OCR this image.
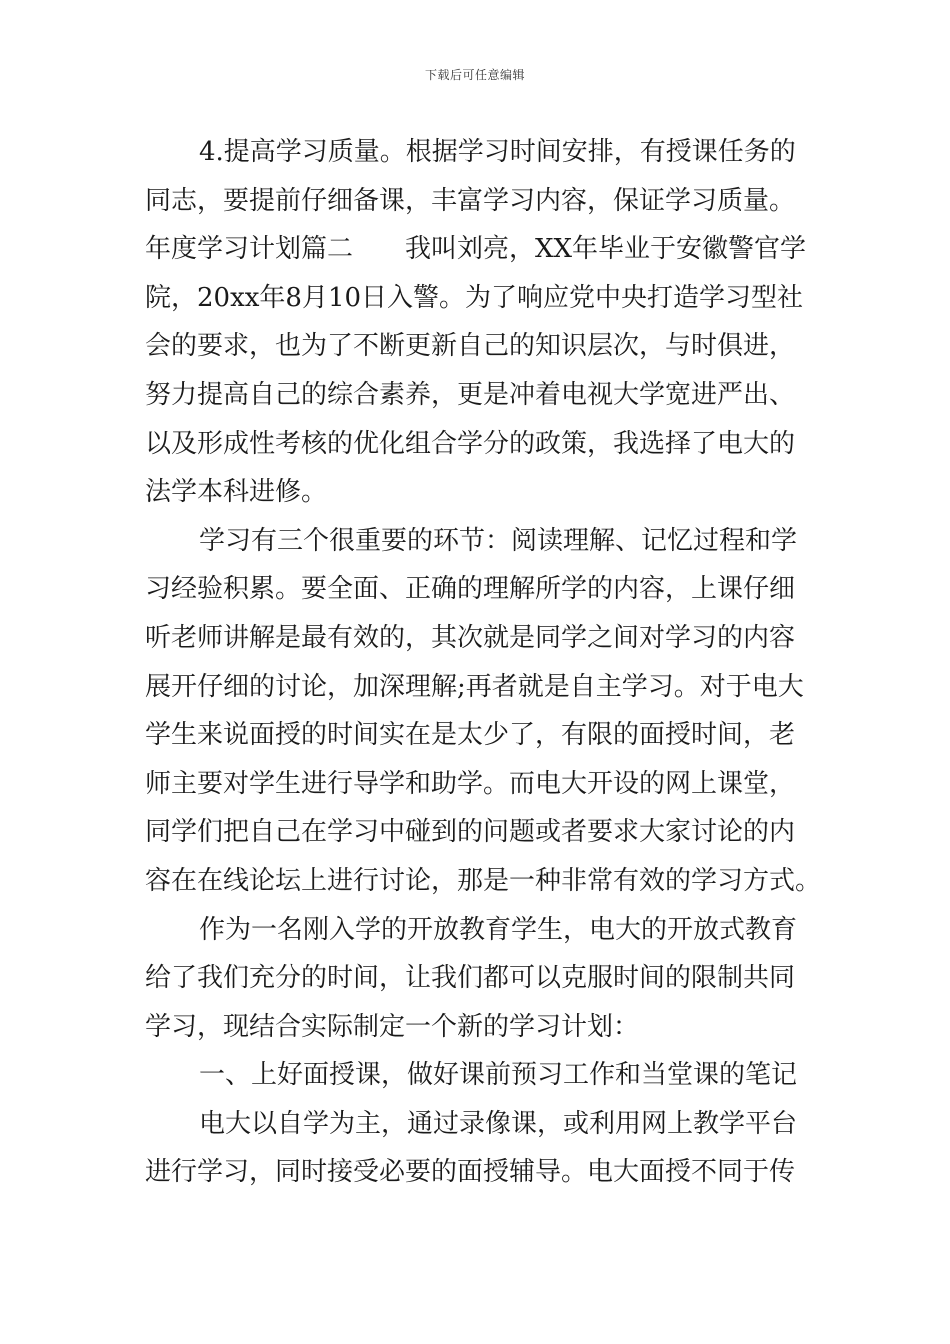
下载后可任意编辑
4.提高学习质量。根据学习时间安排，有授课任务的
同志，要提前仔细备课，丰富学习内容，保证学习质量。
年度学习计划篇二　　我叫刘亮，XX年毕业于安徽警官学
院，20xx年8月10日入警。为了响应党中央打造学习型社
会的要求，也为了不断更新自己的知识层次，与时俱进，
努力提高自己的综合素养，更是冲着电视大学宽进严出、
以及形成性考核的优化组合学分的政策，我选择了电大的
法学本科进修。
学习有三个很重要的环节：阅读理解、记忆过程和学
习经验积累。要全面、正确的理解所学的内容，上课仔细
听老师讲解是最有效的，其次就是同学之间对学习的内容
展开仔细的讨论，加深理解;再者就是自主学习。对于电大
学生来说面授的时间实在是太少了，有限的面授时间，老
师主要对学生进行导学和助学。而电大开设的网上课堂，
同学们把自己在学习中碰到的问题或者要求大家讨论的内
容在在线论坛上进行讨论，那是一种非常有效的学习方式。
作为一名刚入学的开放教育学生，电大的开放式教育
给了我们充分的时间，让我们都可以克服时间的限制共同
学习，现结合实际制定一个新的学习计划：
一、上好面授课，做好课前预习工作和当堂课的笔记
电大以自学为主，通过录像课，或利用网上教学平台
进行学习，同时接受必要的面授辅导。电大面授不同于传
